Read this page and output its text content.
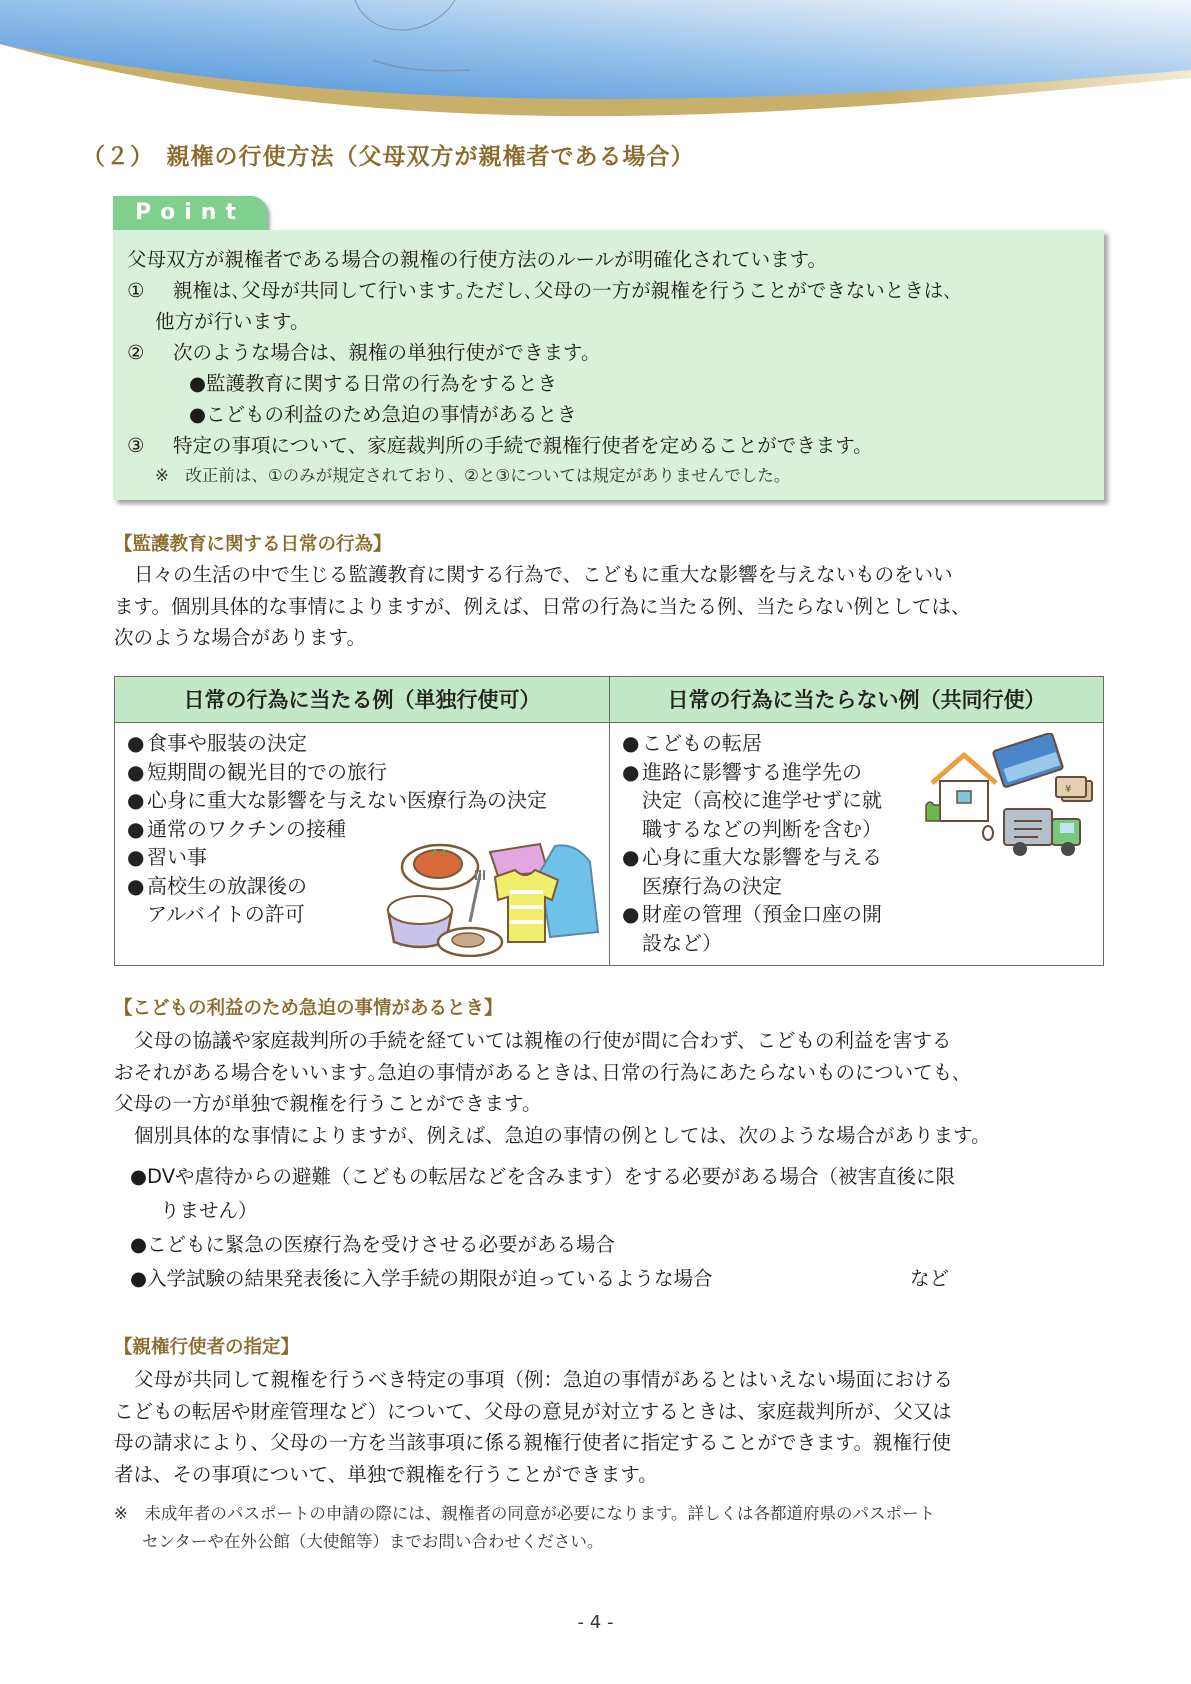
（２）　親権の行使方法（父母双方が親権者である場合）
Point
父母双方が親権者である場合の親権の行使方法のルールが明確化されています。
① 親権は､父母が共同して行います｡ただし､父母の一方が親権を行うことができないときは､
他方が行います。
② 次のような場合は、親権の単独行使ができます。
●監護教育に関する日常の行為をするとき
●こどもの利益のため急迫の事情があるとき
③ 特定の事項について、家庭裁判所の手続で親権行使者を定めることができます。
※　改正前は、①のみが規定されており、②と③については規定がありませんでした。
【監護教育に関する日常の行為】
日々の生活の中で生じる監護教育に関する行為で、こどもに重大な影響を与えないものをいい
ます。個別具体的な事情によりますが、例えば、日常の行為に当たる例、当たらない例としては、
次のような場合があります。
日常の行為に当たる例（単独行使可）
● 食事や服装の決定
● 短期間の観光目的での旅行
● 心身に重大な影響を与えない医療行為の決定
● 通常のワクチンの接種
● 習い事
● 高校生の放課後の
アルバイトの許可
日常の行為に当たらない例（共同行使）
● こどもの転居
● 進路に影響する進学先の
決定（高校に進学せずに就
職するなどの判断を含む）
● 心身に重大な影響を与える
医療行為の決定
● 財産の管理（預金口座の開
設など）
¥
【こどもの利益のため急迫の事情があるとき】
父母の協議や家庭裁判所の手続を経ていては親権の行使が間に合わず、こどもの利益を害する
おそれがある場合をいいます｡急迫の事情があるときは､日常の行為にあたらないものについても､
父母の一方が単独で親権を行うことができます。
個別具体的な事情によりますが、例えば、急迫の事情の例としては、次のような場合があります。
●DVや虐待からの避難（こどもの転居などを含みます）をする必要がある場合（被害直後に限
りません）
●こどもに緊急の医療行為を受けさせる必要がある場合
●入学試験の結果発表後に入学手続の期限が迫っているような場合	など
【親権行使者の指定】
父母が共同して親権を行うべき特定の事項（例：急迫の事情があるとはいえない場面における
こどもの転居や財産管理など）について、父母の意見が対立するときは、家庭裁判所が、父又は
母の請求により、父母の一方を当該事項に係る親権行使者に指定することができます。親権行使
者は、その事項について、単独で親権を行うことができます。
※　未成年者のパスポートの申請の際には、親権者の同意が必要になります。詳しくは各都道府県のパスポート
センターや在外公館（大使館等）までお問い合わせください。
- 4 -
